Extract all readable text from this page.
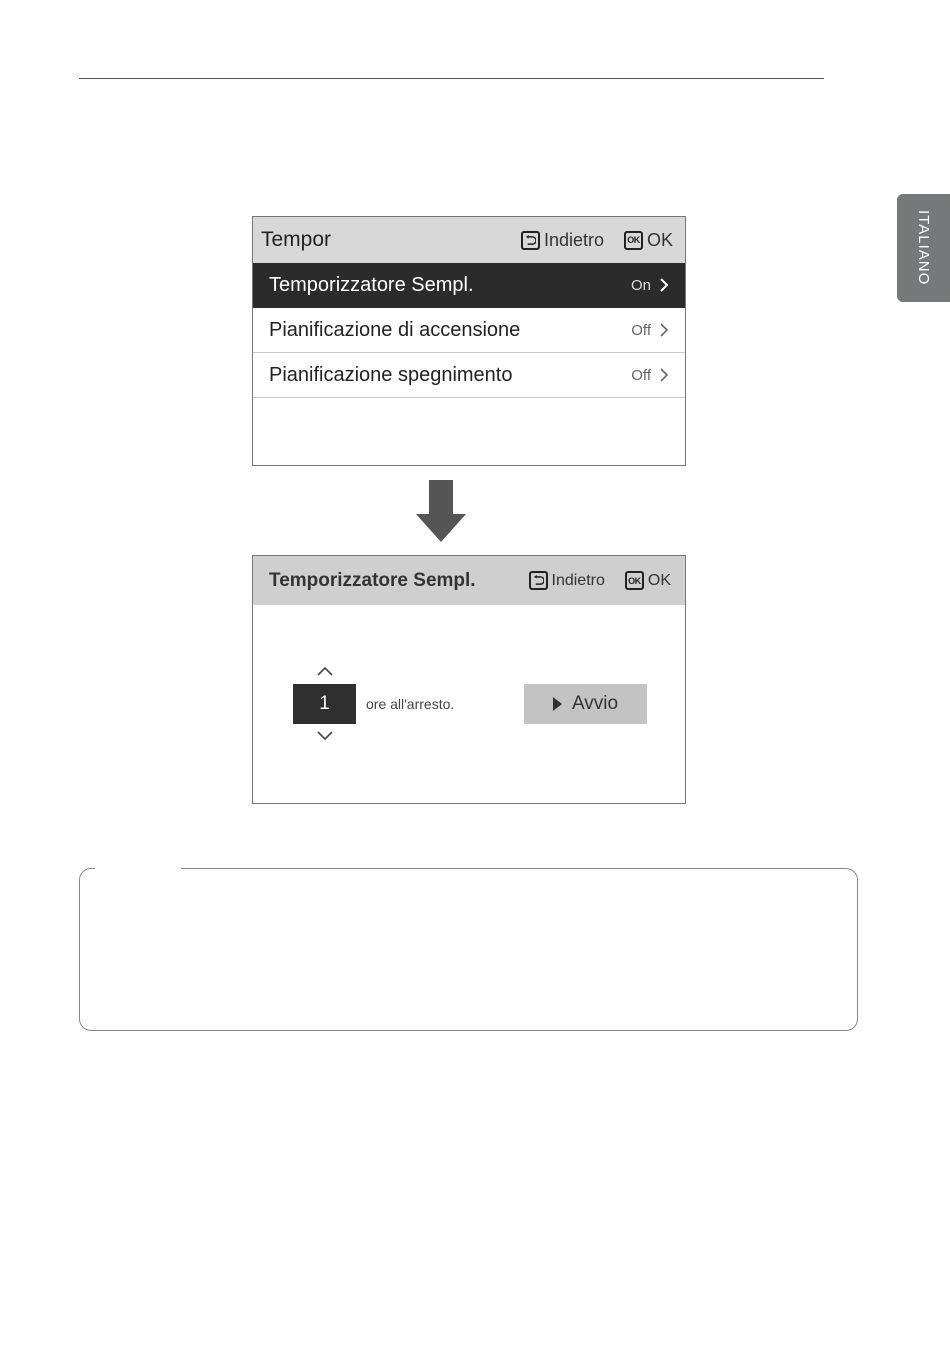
ITALIANO
Tempor	Indietro	OK OK
Temporizzatore Sempl.	On
Pianificazione di accensione	Off
Pianificazione spegnimento	Off
Temporizzatore Sempl.	Indietro	OK OK
1	ore all'arresto.	Avvio
